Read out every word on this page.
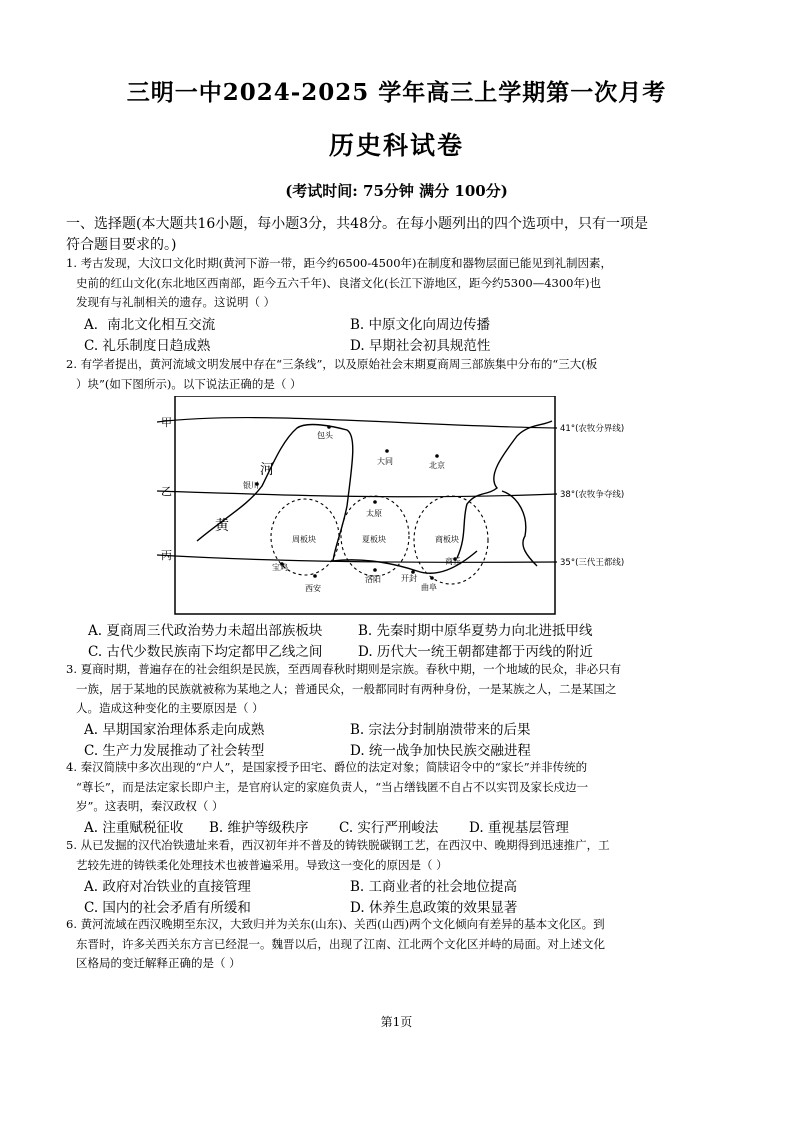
三明一中2024-2025 学年高三上学期第一次月考
历史科试卷
(考试时间: 75分钟 满分 100分)
一、选择题(本大题共16小题，每小题3分，共48分。在每小题列出的四个选项中，只有一项是
符合题目要求的。)
1. 考古发现，大汶口文化时期(黄河下游一带，距今约6500-4500年)在制度和器物层面已能见到礼制因素，
史前的红山文化(东北地区西南部，距今五六千年)、良渚文化(长江下游地区，距今约5300—4300年)也
发现有与礼制相关的遗存。这说明（ ）
A．南北文化相互交流	B. 中原文化向周边传播
C. 礼乐制度日趋成熟	D. 早期社会初具规范性
2. 有学者提出，黄河流域文明发展中存在“三条线”，以及原始社会末期夏商周三部族集中分布的“三大(板
）块”(如下图所示)。以下说法正确的是（ ）
甲
乙
丙
41°(农牧分界线)
38°(农牧争夺线)
35°(三代王都线)
包头
大同	北京
银川
太原
宝鸡
西安
洛阳	开封
商丘
曲阜
河
黄
周板块	夏板块	商板块
A. 夏商周三代政治势力未超出部族板块	B. 先秦时期中原华夏势力向北进抵甲线
C. 古代少数民族南下均定都甲乙线之间	D. 历代大一统王朝都建都于丙线的附近
3. 夏商时期，普遍存在的社会组织是民族，至西周春秋时期则是宗族。春秋中期，一个地域的民众，非必只有
一族，居于某地的民族就被称为某地之人；普通民众，一般都同时有两种身份，一是某族之人，二是某国之
人。造成这种变化的主要原因是（ ）
A. 早期国家治理体系走向成熟	B. 宗法分封制崩溃带来的后果
C. 生产力发展推动了社会转型	D. 统一战争加快民族交融进程
4. 秦汉简牍中多次出现的“户人”，是国家授予田宅、爵位的法定对象；简牍诏令中的“家长”并非传统的
“尊长”，而是法定家长即户主，是官府认定的家庭负责人，“当占缮钱匿不自占不以实罚及家长戍边一
岁”。这表明，秦汉政权（ ）
A. 注重赋税征收 B. 维护等级秩序 C. 实行严刑峻法 D. 重视基层管理
5. 从已发掘的汉代冶铁遗址来看，西汉初年并不普及的铸铁脱碳钢工艺，在西汉中、晚期得到迅速推广，工
艺较先进的铸铁柔化处理技术也被普遍采用。导致这一变化的原因是（ ）
A. 政府对冶铁业的直接管理	B. 工商业者的社会地位提高
C. 国内的社会矛盾有所缓和	D. 休养生息政策的效果显著
6. 黄河流域在西汉晚期至东汉，大致归并为关东(山东)、关西(山西)两个文化倾向有差异的基本文化区。到
东晋时，许多关西关东方言已经混一。魏晋以后，出现了江南、江北两个文化区并峙的局面。对上述文化
区格局的变迁解释正确的是（ ）
第1页
